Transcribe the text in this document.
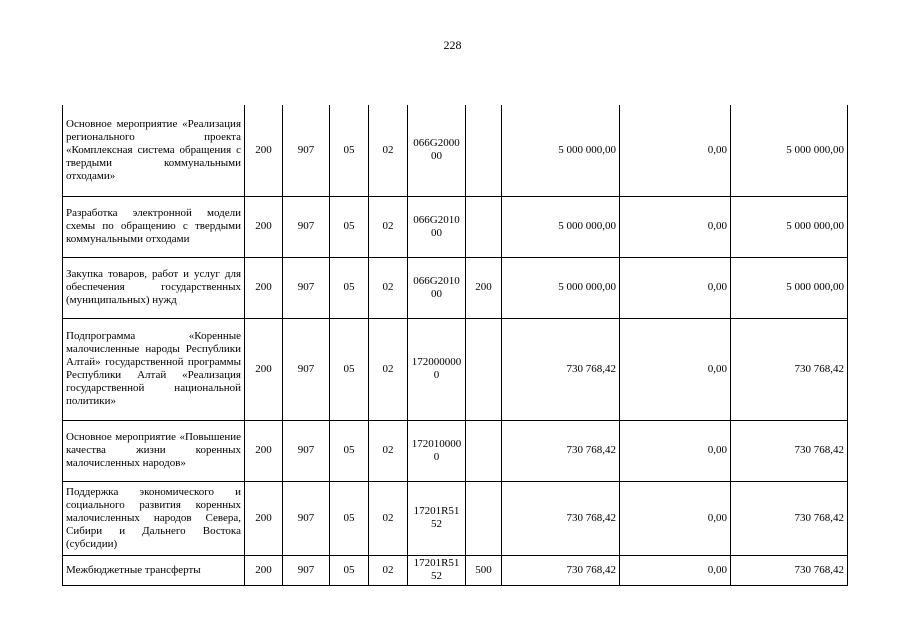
228
Основное мероприятие «Реализация регионального проекта «Комплексная система обращения с твердыми коммунальными отходами»	200	907	05	02	066G200000		5 000 000,00	0,00	5 000 000,00
Разработка электронной модели схемы по обращению с твердыми коммунальными отходами	200	907	05	02	066G201000		5 000 000,00	0,00	5 000 000,00
Закупка товаров, работ и услуг для обеспечения государственных (муниципальных) нужд	200	907	05	02	066G201000	200	5 000 000,00	0,00	5 000 000,00
Подпрограмма «Коренные малочисленные народы Республики Алтай» государственной программы Республики Алтай «Реализация государственной национальной политики»	200	907	05	02	1720000000		730 768,42	0,00	730 768,42
Основное мероприятие «Повышение качества жизни коренных малочисленных народов»	200	907	05	02	1720100000		730 768,42	0,00	730 768,42
Поддержка экономического и социального развития коренных малочисленных народов Севера, Сибири и Дальнего Востока (субсидии)	200	907	05	02	17201R5152		730 768,42	0,00	730 768,42
Межбюджетные трансферты	200	907	05	02	17201R5152	500	730 768,42	0,00	730 768,42
